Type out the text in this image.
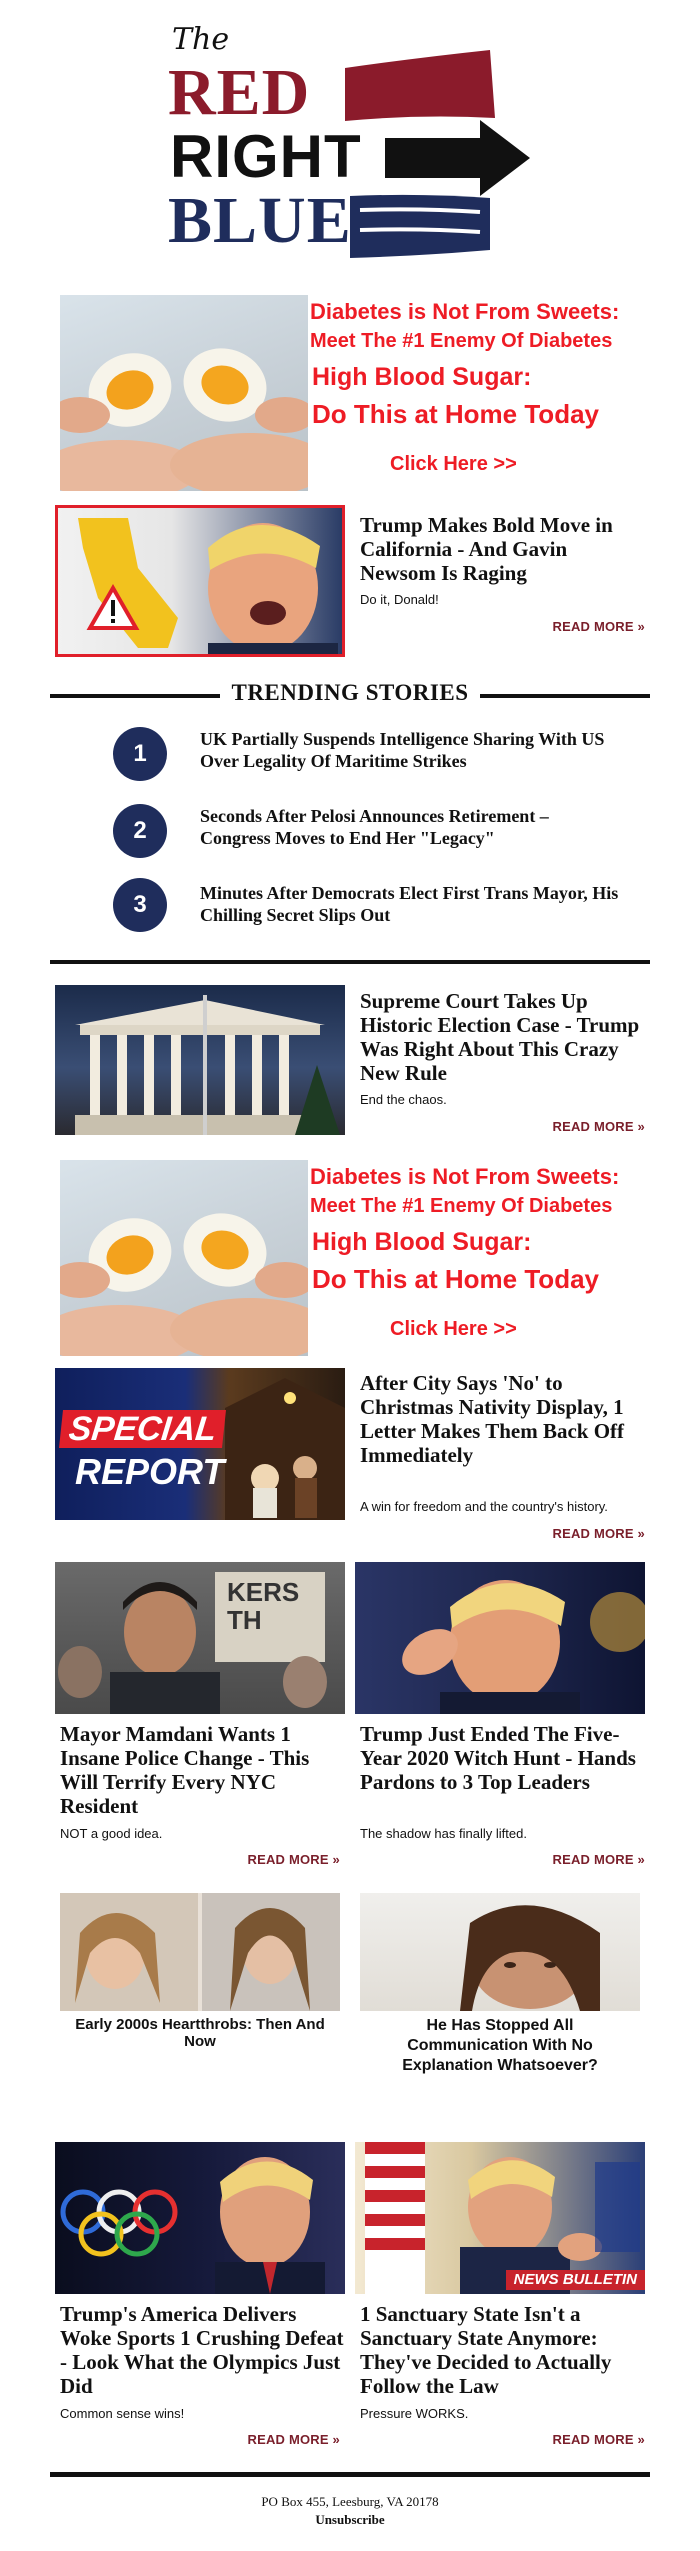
The
RED
RIGHT
BLUE
Diabetes is Not From Sweets:
Meet The #1 Enemy Of Diabetes
High Blood Sugar:
Do This at Home Today
Click Here >>
Trump Makes Bold Move in California - And Gavin Newsom Is Raging
Do it, Donald!
READ MORE »
TRENDING STORIES
1
UK Partially Suspends Intelligence Sharing With US Over Legality Of Maritime Strikes
2
Seconds After Pelosi Announces Retirement – Congress Moves to End Her "Legacy"
3	Minutes After Democrats Elect First Trans Mayor, His Chilling Secret Slips Out
Supreme Court Takes Up Historic Election Case - Trump Was Right About This Crazy New Rule
End the chaos.
READ MORE »
Diabetes is Not From Sweets:
Meet The #1 Enemy Of Diabetes
High Blood Sugar:
Do This at Home Today
Click Here >>
SPECIAL
REPORT
After City Says 'No' to Christmas Nativity Display, 1 Letter Makes Them Back Off Immediately
A win for freedom and the country's history.
READ MORE »
KERS
TH
Mayor Mamdani Wants 1 Insane Police Change - This Will Terrify Every NYC Resident
NOT a good idea.
READ MORE »
Trump Just Ended The Five-Year 2020 Witch Hunt - Hands Pardons to 3 Top Leaders
The shadow has finally lifted.
READ MORE »
Early 2000s Heartthrobs: Then And Now
He Has Stopped All Communication With No Explanation Whatsoever?
Trump's America Delivers Woke Sports 1 Crushing Defeat - Look What the Olympics Just Did
Common sense wins!
READ MORE »
NEWS BULLETIN
1 Sanctuary State Isn't a Sanctuary State Anymore: They've Decided to Actually Follow the Law
Pressure WORKS.
READ MORE »
PO Box 455, Leesburg, VA 20178
Unsubscribe
